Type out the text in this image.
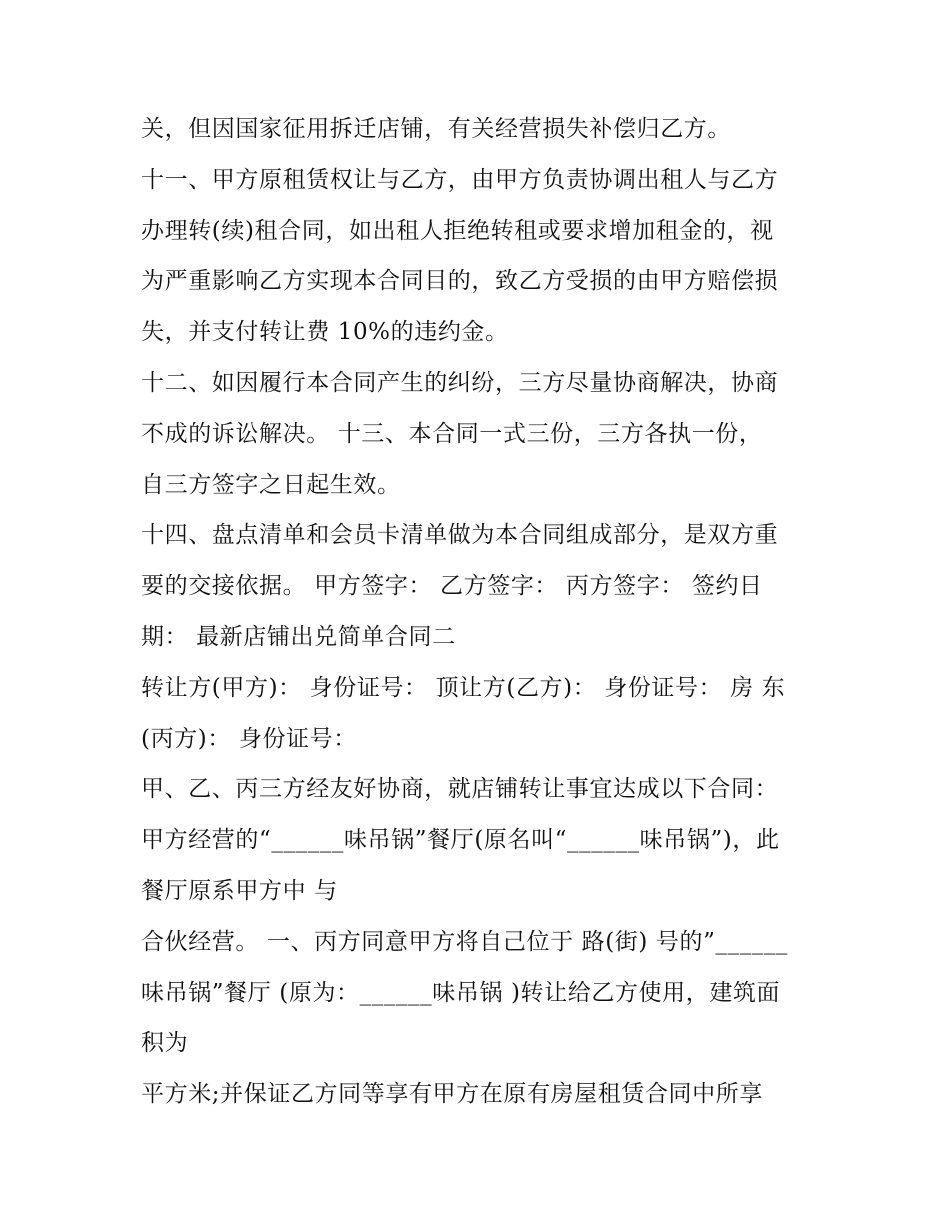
关，但因国家征用拆迁店铺，有关经营损失补偿归乙方。
十一、甲方原租赁权让与乙方，由甲方负责协调出租人与乙方
办理转(续)租合同，如出租人拒绝转租或要求增加租金的，视
为严重影响乙方实现本合同目的，致乙方受损的由甲方赔偿损
失，并支付转让费 10%的违约金。
十二、如因履行本合同产生的纠纷，三方尽量协商解决，协商
不成的诉讼解决。 十三、本合同一式三份，三方各执一份，
自三方签字之日起生效。
十四、盘点清单和会员卡清单做为本合同组成部分，是双方重
要的交接依据。 甲方签字： 乙方签字： 丙方签字： 签约日
期： 最新店铺出兑简单合同二
转让方(甲方)： 身份证号： 顶让方(乙方)： 身份证号： 房 东
(丙方)： 身份证号：
甲、乙、丙三方经友好协商，就店铺转让事宜达成以下合同：
甲方经营的“______味吊锅”餐厅(原名叫“______味吊锅”)，此
餐厅原系甲方中 与
合伙经营。 一、丙方同意甲方将自己位于 路(街) 号的”______
味吊锅”餐厅 (原为：______味吊锅 )转让给乙方使用，建筑面
积为
平方米;并保证乙方同等享有甲方在原有房屋租赁合同中所享
